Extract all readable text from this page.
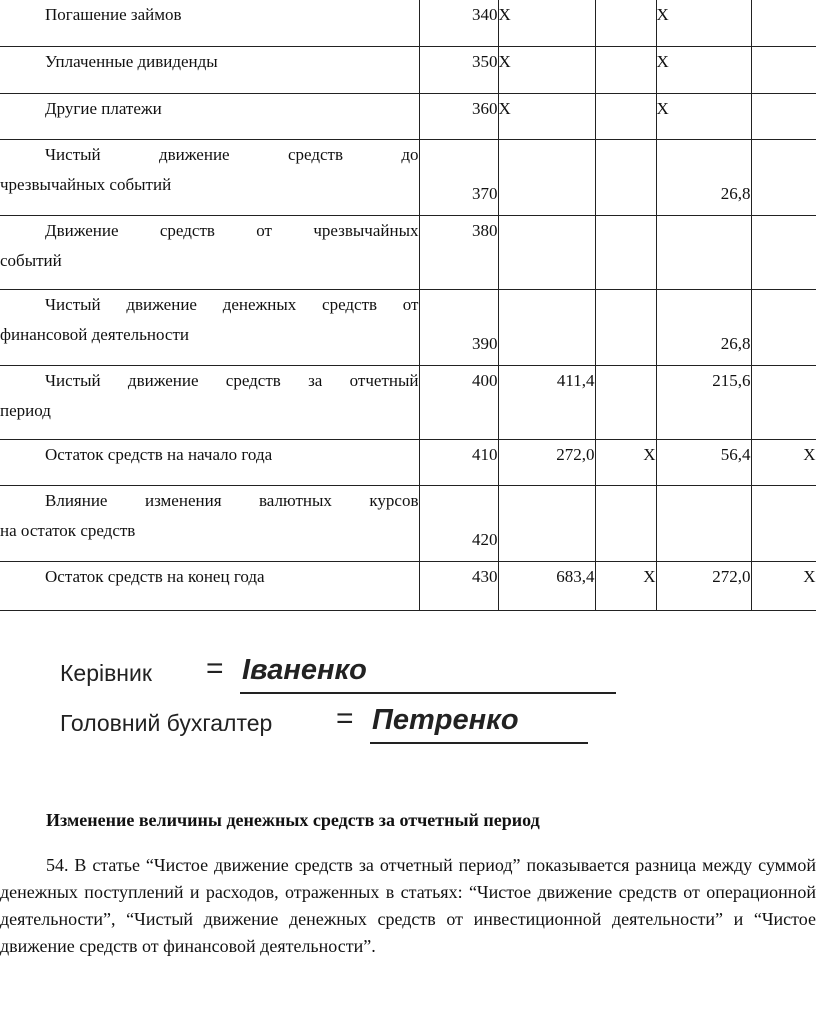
Погашение займов	340	Х		Х	

Уплаченные дивиденды	350	Х		Х	

Другие платежи	360	Х		Х	

Чистый движение средств до
чрезвычайных событий	370			26,8	

Движение средств от чрезвычайных
событий	380				

Чистый движение денежных средств от
финансовой деятельности	390			26,8	

Чистый движение средств за отчетный
период	400	411,4		215,6	

Остаток средств на начало года	410	272,0	Х	56,4	Х

Влияние изменения валютных курсов
на остаток средств	420				

Остаток средств на конец года	430	683,4	Х	272,0	Х
Керівник = Іваненко
Головний бухгалтер = Петренко
Изменение величины денежных средств за отчетный период
54. В статье “Чистое движение средств за отчетный период” показывается разница между суммой денежных поступлений и расходов, отраженных в статьях: “Чистое движение средств от операционной деятельности”, “Чистый движение денежных средств от инвестиционной деятельности” и “Чистое движение средств от финансовой деятельности”.
